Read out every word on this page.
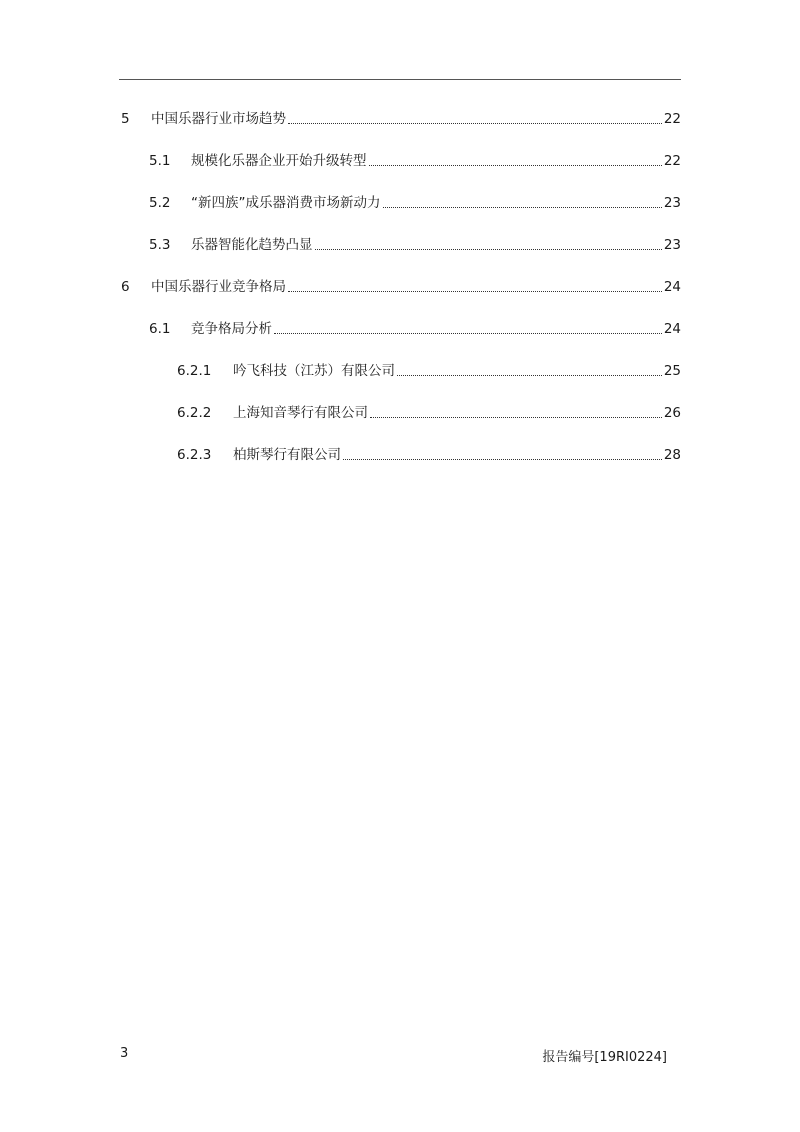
5	中国乐器行业市场趋势	22
5.1	规模化乐器企业开始升级转型	22
5.2	“新四族”成乐器消费市场新动力	23
5.3	乐器智能化趋势凸显	23
6	中国乐器行业竞争格局	24
6.1	竞争格局分析	24
6.2.1	吟飞科技（江苏）有限公司	25
6.2.2	上海知音琴行有限公司	26
6.2.3	柏斯琴行有限公司	28
3	报告编号[19RI0224]
